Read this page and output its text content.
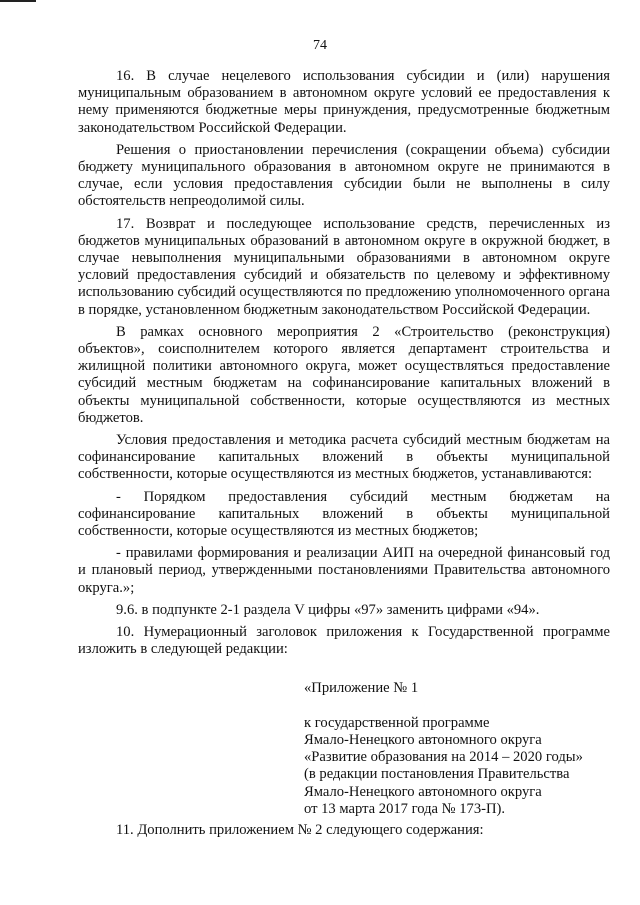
74

16. В случае нецелевого использования субсидии и (или) нарушения муниципальным образованием в автономном округе условий ее предоставления к нему применяются бюджетные меры принуждения, предусмотренные бюджетным законодательством Российской Федерации.

Решения о приостановлении перечисления (сокращении объема) субсидии бюджету муниципального образования в автономном округе не принимаются в случае, если условия предоставления субсидии были не выполнены в силу обстоятельств непреодолимой силы.

17. Возврат и последующее использование средств, перечисленных из бюджетов муниципальных образований в автономном округе в окружной бюджет, в случае невыполнения муниципальными образованиями в автономном округе условий предоставления субсидий и обязательств по целевому и эффективному использованию субсидий осуществляются по предложению уполномоченного органа в порядке, установленном бюджетным законодательством Российской Федерации.

В рамках основного мероприятия 2 «Строительство (реконструкция) объектов», соисполнителем которого является департамент строительства и жилищной политики автономного округа, может осуществляться предоставление субсидий местным бюджетам на софинансирование капитальных вложений в объекты муниципальной собственности, которые осуществляются из местных бюджетов.

Условия предоставления и методика расчета субсидий местным бюджетам на софинансирование капитальных вложений в объекты муниципальной собственности, которые осуществляются из местных бюджетов, устанавливаются:

- Порядком предоставления субсидий местным бюджетам на софинансирование капитальных вложений в объекты муниципальной собственности, которые осуществляются из местных бюджетов;

- правилами формирования и реализации АИП на очередной финансовый год и плановый период, утвержденными постановлениями Правительства автономного округа.»;

9.6. в подпункте 2-1 раздела V цифры «97» заменить цифрами «94».

10. Нумерационный заголовок приложения к Государственной программе изложить в следующей редакции:

«Приложение № 1
к государственной программе
Ямало-Ненецкого автономного округа
«Развитие образования на 2014 – 2020 годы»
(в редакции постановления Правительства
Ямало-Ненецкого автономного округа
от 13 марта 2017 года № 173-П).

11. Дополнить приложением № 2 следующего содержания:
